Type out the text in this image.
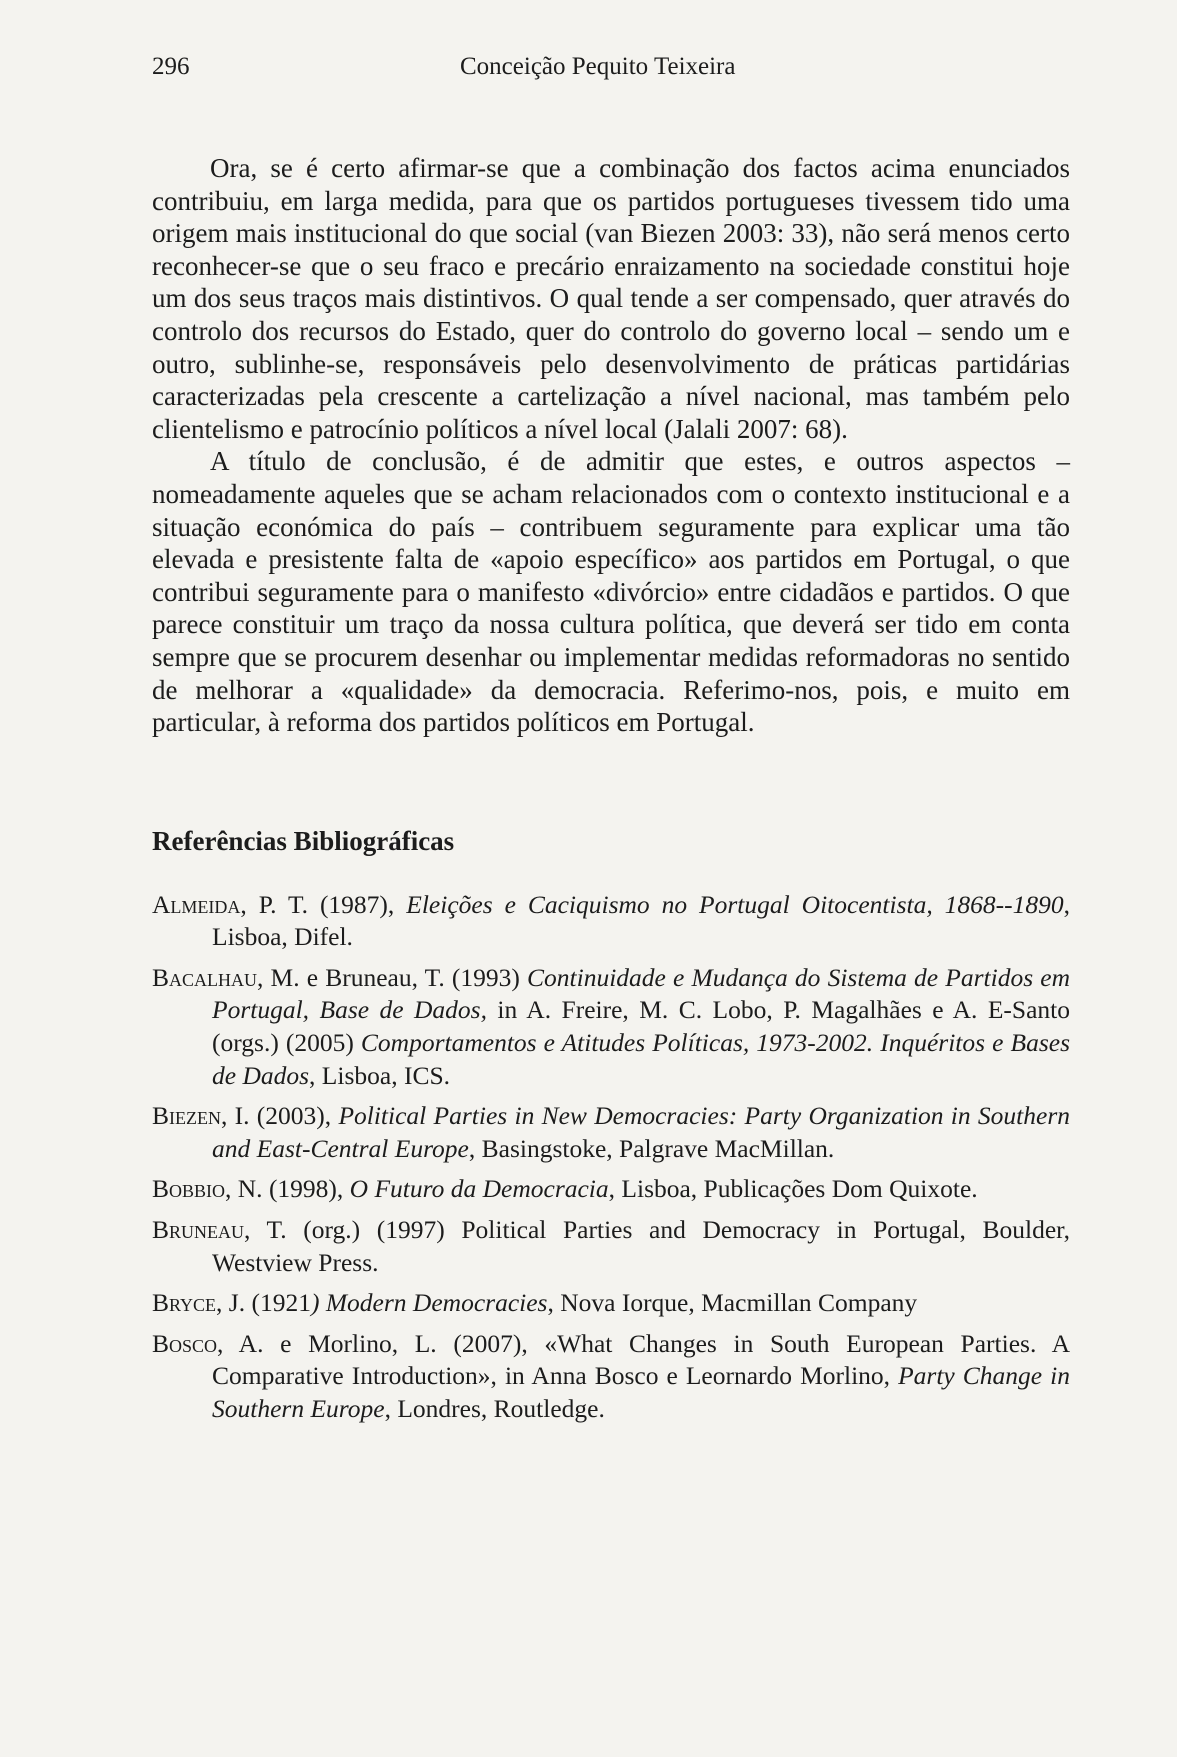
296	Conceição Pequito Teixeira

Ora, se é certo afirmar-se que a combinação dos factos acima enunciados contribuiu, em larga medida, para que os partidos portugueses tivessem tido uma origem mais institucional do que social (van Biezen 2003: 33), não será menos certo reconhecer-se que o seu fraco e precário enraizamento na sociedade constitui hoje um dos seus traços mais distintivos. O qual tende a ser compensado, quer através do controlo dos recursos do Estado, quer do controlo do governo local – sendo um e outro, sublinhe-se, responsáveis pelo desenvolvimento de práticas partidárias caracterizadas pela crescente a cartelização a nível nacional, mas também pelo clientelismo e patrocínio políticos a nível local (Jalali 2007: 68).

A título de conclusão, é de admitir que estes, e outros aspectos – nomeadamente aqueles que se acham relacionados com o contexto institucional e a situação económica do país – contribuem seguramente para explicar uma tão elevada e presistente falta de «apoio específico» aos partidos em Portugal, o que contribui seguramente para o manifesto «divórcio» entre cidadãos e partidos. O que parece constituir um traço da nossa cultura política, que deverá ser tido em conta sempre que se procurem desenhar ou implementar medidas reformadoras no sentido de melhorar a «qualidade» da democracia. Referimo-nos, pois, e muito em particular, à reforma dos partidos políticos em Portugal.

Referências Bibliográficas

Almeida, P. T. (1987), Eleições e Caciquismo no Portugal Oitocentista, 1868--1890, Lisboa, Difel.

Bacalhau, M. e Bruneau, T. (1993) Continuidade e Mudança do Sistema de Partidos em Portugal, Base de Dados, in A. Freire, M. C. Lobo, P. Magalhães e A. E-Santo (orgs.) (2005) Comportamentos e Atitudes Políticas, 1973-2002. Inquéritos e Bases de Dados, Lisboa, ICS.

Biezen, I. (2003), Political Parties in New Democracies: Party Organization in Southern and East-Central Europe, Basingstoke, Palgrave MacMillan.

Bobbio, N. (1998), O Futuro da Democracia, Lisboa, Publicações Dom Quixote.

Bruneau, T. (org.) (1997) Political Parties and Democracy in Portugal, Boulder, Westview Press.

Bryce, J. (1921) Modern Democracies, Nova Iorque, Macmillan Company

Bosco, A. e Morlino, L. (2007), «What Changes in South European Parties. A Comparative Introduction», in Anna Bosco e Leornardo Morlino, Party Change in Southern Europe, Londres, Routledge.
